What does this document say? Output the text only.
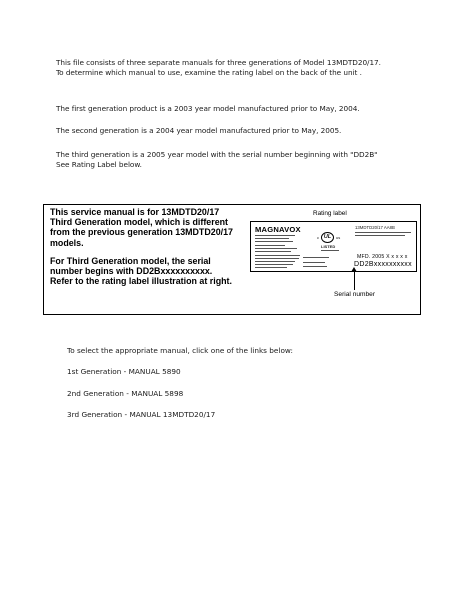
This file consists of three separate manuals for three generations of Model 13MDTD20/17.
To determine which manual to use, examine the rating label on the back of the unit .
The first generation product is a 2003 year model manufactured prior to May, 2004.
The second generation is a 2004 year model manufactured prior to May, 2005.
The third generation is a 2005 year model with the serial number beginning with "DD2B"
See Rating Label below.
This service manual is for 13MDTD20/17
Third Generation model, which is different
from the previous generation 13MDTD20/17
models.
For Third Generation model, the serial
number begins with DD2Bxxxxxxxxxx.
Refer to the rating label illustration at right.
Rating label
MAGNAVOX
c UL	us
LISTED
13MDTD20/17 AA8B
MFD. 2005 X x x x x
DD2Bxxxxxxxxxx
Serial number
To select the appropriate manual, click one of the links below:
1st Generation - MANUAL 5890
2nd Generation - MANUAL 5898
3rd Generation - MANUAL 13MDTD20/17
